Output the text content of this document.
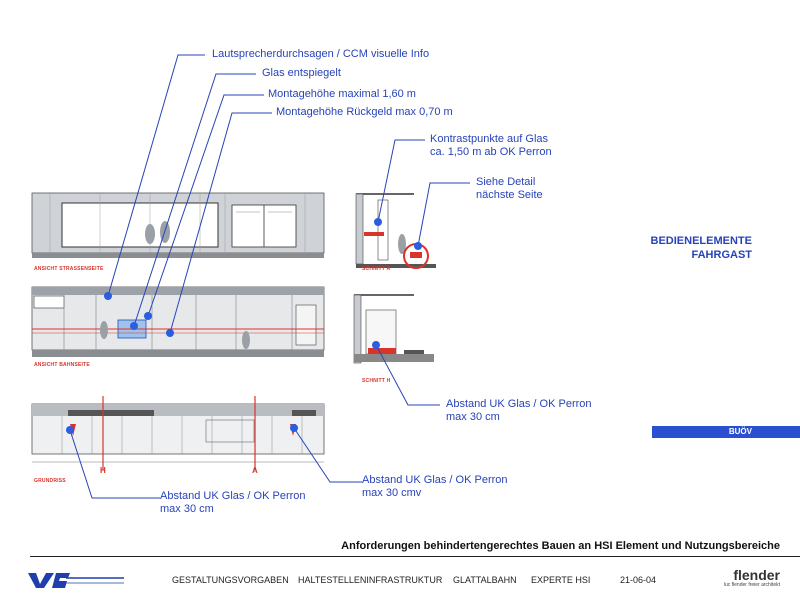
Lautsprecherdurchsagen / CCM visuelle Info
Glas entspiegelt
Montagehöhe maximal 1,60 m
Montagehöhe Rückgeld max 0,70 m
Kontrastpunkte auf Glas
ca. 1,50 m ab OK Perron
Siehe Detail
nächste Seite
Abstand UK Glas / OK Perron
max 30 cm
Abstand UK Glas / OK Perron
max 30 cm
Abstand UK Glas / OK Perron
max 30 cmv
ANSICHT STRASSENSEITE
ANSICHT BAHNSEITE
GRUNDRISS
SCHNITT A
SCHNITT H
H	A
BEDIENELEMENTE
FAHRGAST
BUÖV
Anforderungen behindertengerechtes Bauen an HSI Element und Nutzungsbereiche
GESTALTUNGSVORGABEN HALTESTELLENINFRASTRUKTUR GLATTALBAHN EXPERTE HSI	21-06-04	flender
luc flender freier architekt
